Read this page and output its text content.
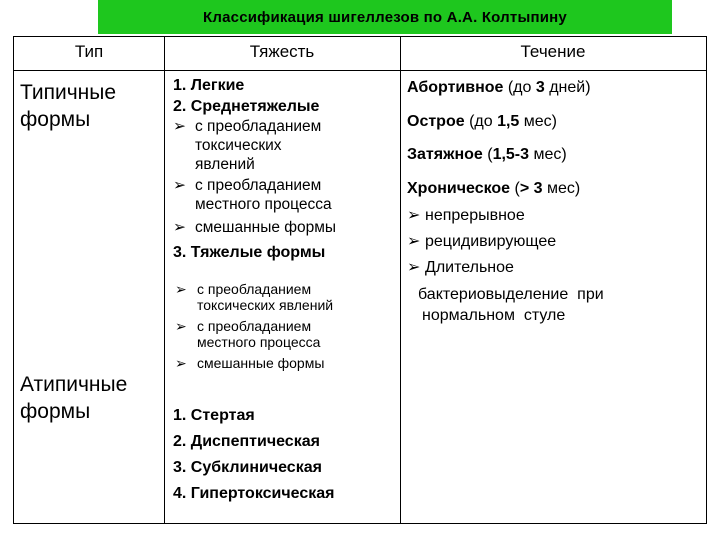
Классификация шигеллезов по А.А. Колтыпину
Тип	Тяжесть	Течение
Типичные
формы
Атипичные
формы
1. Легкие
2. Среднетяжелые
➢ с преобладанием
токсических
явлений
➢ с преобладанием
местного процесса
➢ смешанные формы
3. Тяжелые формы
➢ с преобладанием
токсических явлений
➢ с преобладанием
местного процесса
➢ смешанные формы
1. Стертая
2. Диспептическая
3. Субклиническая
4. Гипертоксическая
Абортивное (до 3 дней)
Острое (до 1,5 мес)
Затяжное (1,5-3 мес)
Хроническое (> 3 мес)
➢ непрерывное
➢ рецидивирующее
➢ Длительное
бактериовыделение  при
нормальном  стуле
